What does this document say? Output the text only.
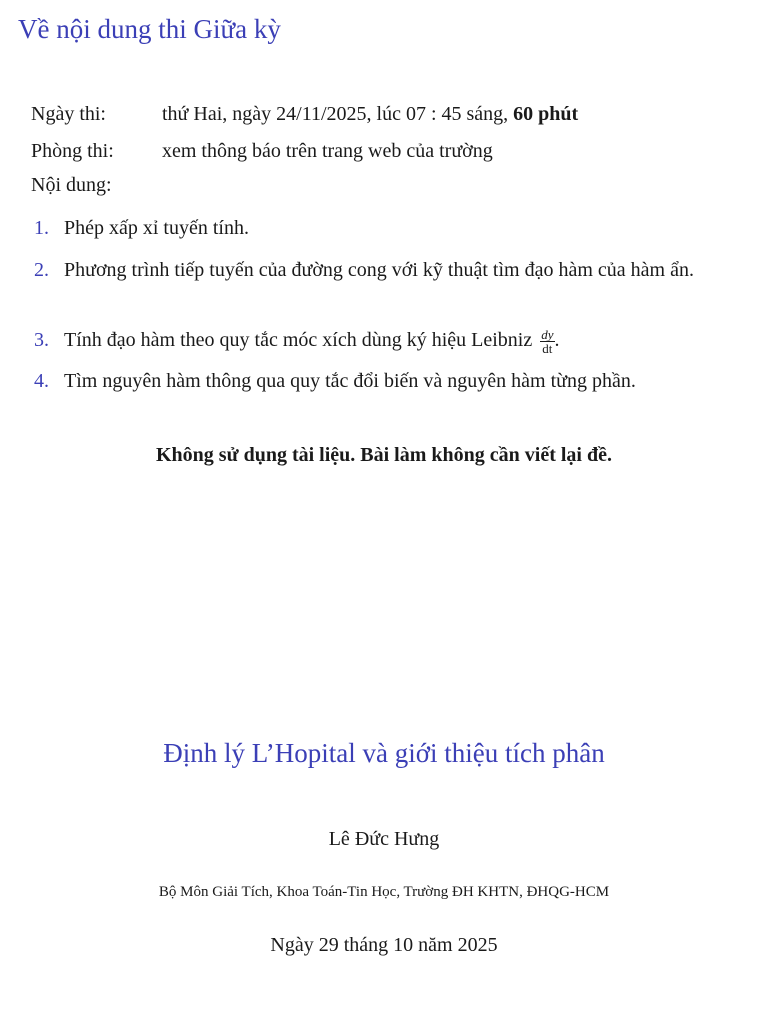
Về nội dung thi Giữa kỳ
Ngày thi:	thứ Hai, ngày 24/11/2025, lúc 07 : 45 sáng, 60 phút
Phòng thi: xem thông báo trên trang web của trường
Nội dung:
1. Phép xấp xỉ tuyến tính.
2. Phương trình tiếp tuyến của đường cong với kỹ thuật tìm đạo hàm của hàm ẩn.
3. Tính đạo hàm theo quy tắc móc xích dùng ký hiệu Leibniz $\frac{dy}{dt}$ .
4. Tìm nguyên hàm thông qua quy tắc đổi biến và nguyên hàm từng phần.
Không sử dụng tài liệu. Bài làm không cần viết lại đề.
Định lý L’Hopital và giới thiệu tích phân
Lê Đức Hưng
Bộ Môn Giải Tích, Khoa Toán-Tin Học, Trường ĐH KHTN, ĐHQG-HCM
Ngày 29 tháng 10 năm 2025
